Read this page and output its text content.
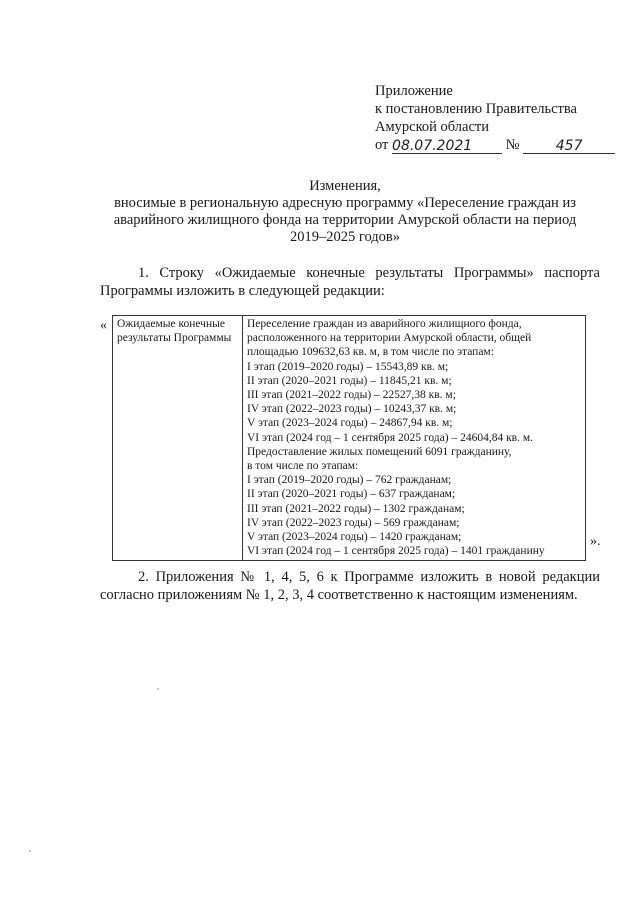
Приложение
к постановлению Правительства
Амурской области
от 08.07.2021 №	457
Изменения,
вносимые в региональную адресную программу «Переселение граждан из
аварийного жилищного фонда на территории Амурской области на период
2019–2025 годов»
1. Строку «Ожидаемые конечные результаты Программы» паспорта Программы изложить в следующей редакции:
« Ожидаемые конечные результаты Программы	
Переселение граждан из аварийного жилищного фонда,
расположенного на территории Амурской области, общей
площадью 109632,63 кв. м, в том числе по этапам:
I этап (2019–2020 годы) – 15543,89 кв. м;
II этап (2020–2021 годы) – 11845,21 кв. м;
III этап (2021–2022 годы) – 22527,38 кв. м;
IV этап (2022–2023 годы) – 10243,37 кв. м;
V этап (2023–2024 годы) – 24867,94 кв. м;
VI этап (2024 год – 1 сентября 2025 года) – 24604,84 кв. м.
Предоставление жилых помещений 6091 гражданину,
в том числе по этапам:
I этап (2019–2020 годы) – 762 гражданам;
II этап (2020–2021 годы) – 637 гражданам;
III этап (2021–2022 годы) – 1302 гражданам;
IV этап (2022–2023 годы) – 569 гражданам;
V этап (2023–2024 годы) – 1420 гражданам;
VI этап (2024 год – 1 сентября 2025 года) – 1401 гражданину
».
2. Приложения № 1, 4, 5, 6 к Программе изложить в новой редакции согласно приложениям № 1, 2, 3, 4 соответственно к настоящим изменениям.
